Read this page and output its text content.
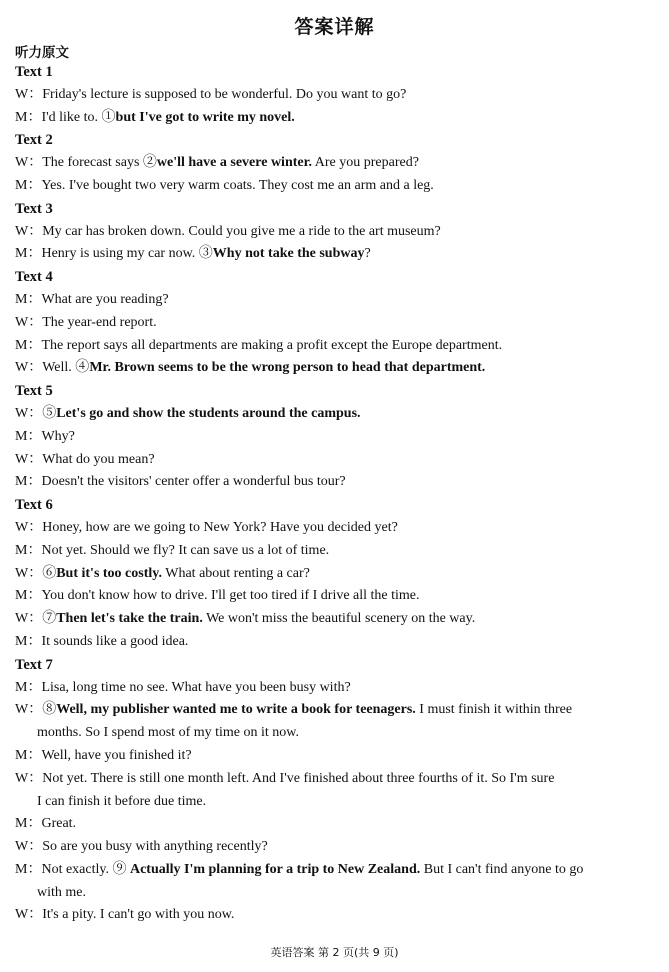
答案详解
听力原文
Text 1
W：Friday's lecture is supposed to be wonderful. Do you want to go?
M：I'd like to. ①but I've got to write my novel.
Text 2
W：The forecast says ②we'll have a severe winter. Are you prepared?
M：Yes. I've bought two very warm coats. They cost me an arm and a leg.
Text 3
W：My car has broken down. Could you give me a ride to the art museum?
M：Henry is using my car now. ③Why not take the subway?
Text 4
M：What are you reading?
W：The year-end report.
M：The report says all departments are making a profit except the Europe department.
W：Well. ④Mr. Brown seems to be the wrong person to head that department.
Text 5
W：⑤Let's go and show the students around the campus.
M：Why?
W：What do you mean?
M：Doesn't the visitors' center offer a wonderful bus tour?
Text 6
W：Honey, how are we going to New York? Have you decided yet?
M：Not yet. Should we fly? It can save us a lot of time.
W：⑥But it's too costly. What about renting a car?
M：You don't know how to drive. I'll get too tired if I drive all the time.
W：⑦Then let's take the train. We won't miss the beautiful scenery on the way.
M：It sounds like a good idea.
Text 7
M：Lisa, long time no see. What have you been busy with?
W：⑧Well, my publisher wanted me to write a book for teenagers. I must finish it within three
months. So I spend most of my time on it now.
M：Well, have you finished it?
W：Not yet. There is still one month left. And I've finished about three fourths of it. So I'm sure
I can finish it before due time.
M：Great.
W：So are you busy with anything recently?
M：Not exactly. ⑨ Actually I'm planning for a trip to New Zealand. But I can't find anyone to go
with me.
W：It's a pity. I can't go with you now.
英语答案 第 2 页(共 9 页)
